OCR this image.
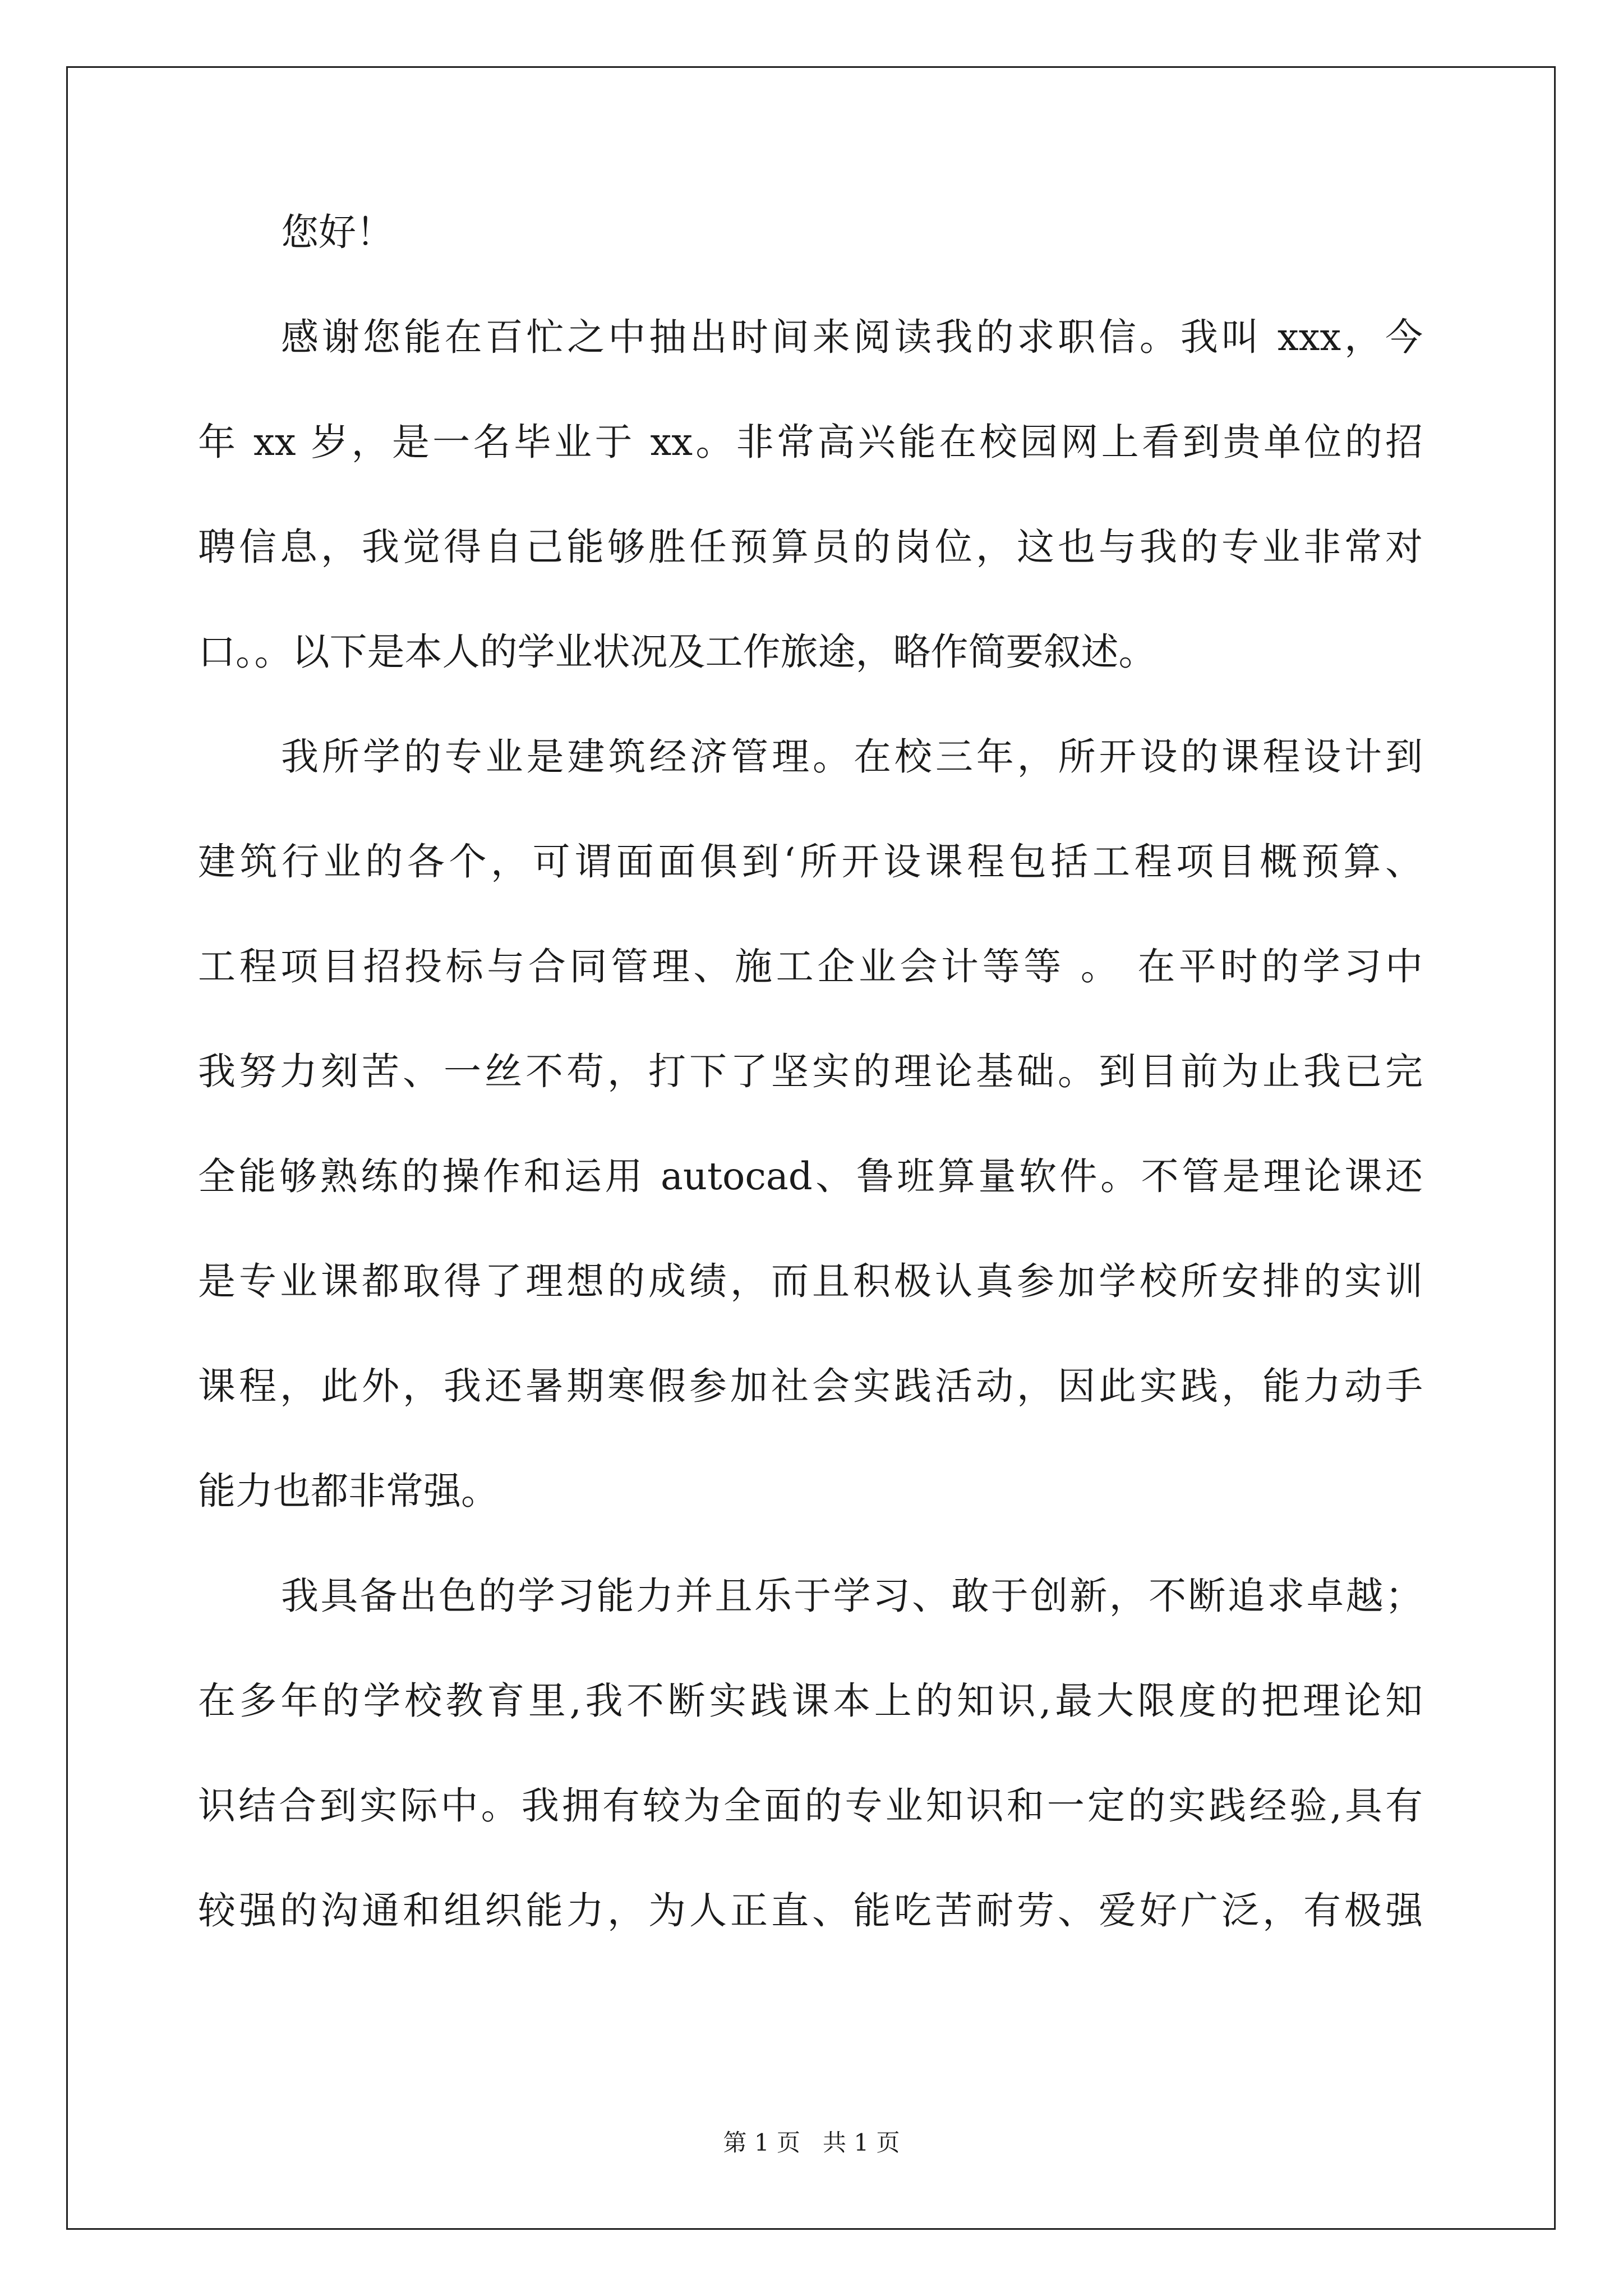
您好！
感谢您能在百忙之中抽出时间来阅读我的求职信。我叫 xxx，今
年 xx 岁，是一名毕业于 xx。非常高兴能在校园网上看到贵单位的招
聘信息，我觉得自己能够胜任预算员的岗位，这也与我的专业非常对
口。。以下是本人的学业状况及工作旅途，略作简要叙述。
我所学的专业是建筑经济管理。在校三年，所开设的课程设计到
建筑行业的各个，可谓面面俱到‘所开设课程包括工程项目概预算、
工程项目招投标与合同管理、施工企业会计等等 。 在平时的学习中
我努力刻苦、一丝不苟，打下了坚实的理论基础。到目前为止我已完
全能够熟练的操作和运用 autocad、鲁班算量软件。不管是理论课还
是专业课都取得了理想的成绩，而且积极认真参加学校所安排的实训
课程，此外，我还暑期寒假参加社会实践活动，因此实践，能力动手
能力也都非常强。
我具备出色的学习能力并且乐于学习、敢于创新，不断追求卓越；
在多年的学校教育里,我不断实践课本上的知识,最大限度的把理论知
识结合到实际中。我拥有较为全面的专业知识和一定的实践经验,具有
较强的沟通和组织能力，为人正直、能吃苦耐劳、爱好广泛，有极强
第 1 页   共 1 页
